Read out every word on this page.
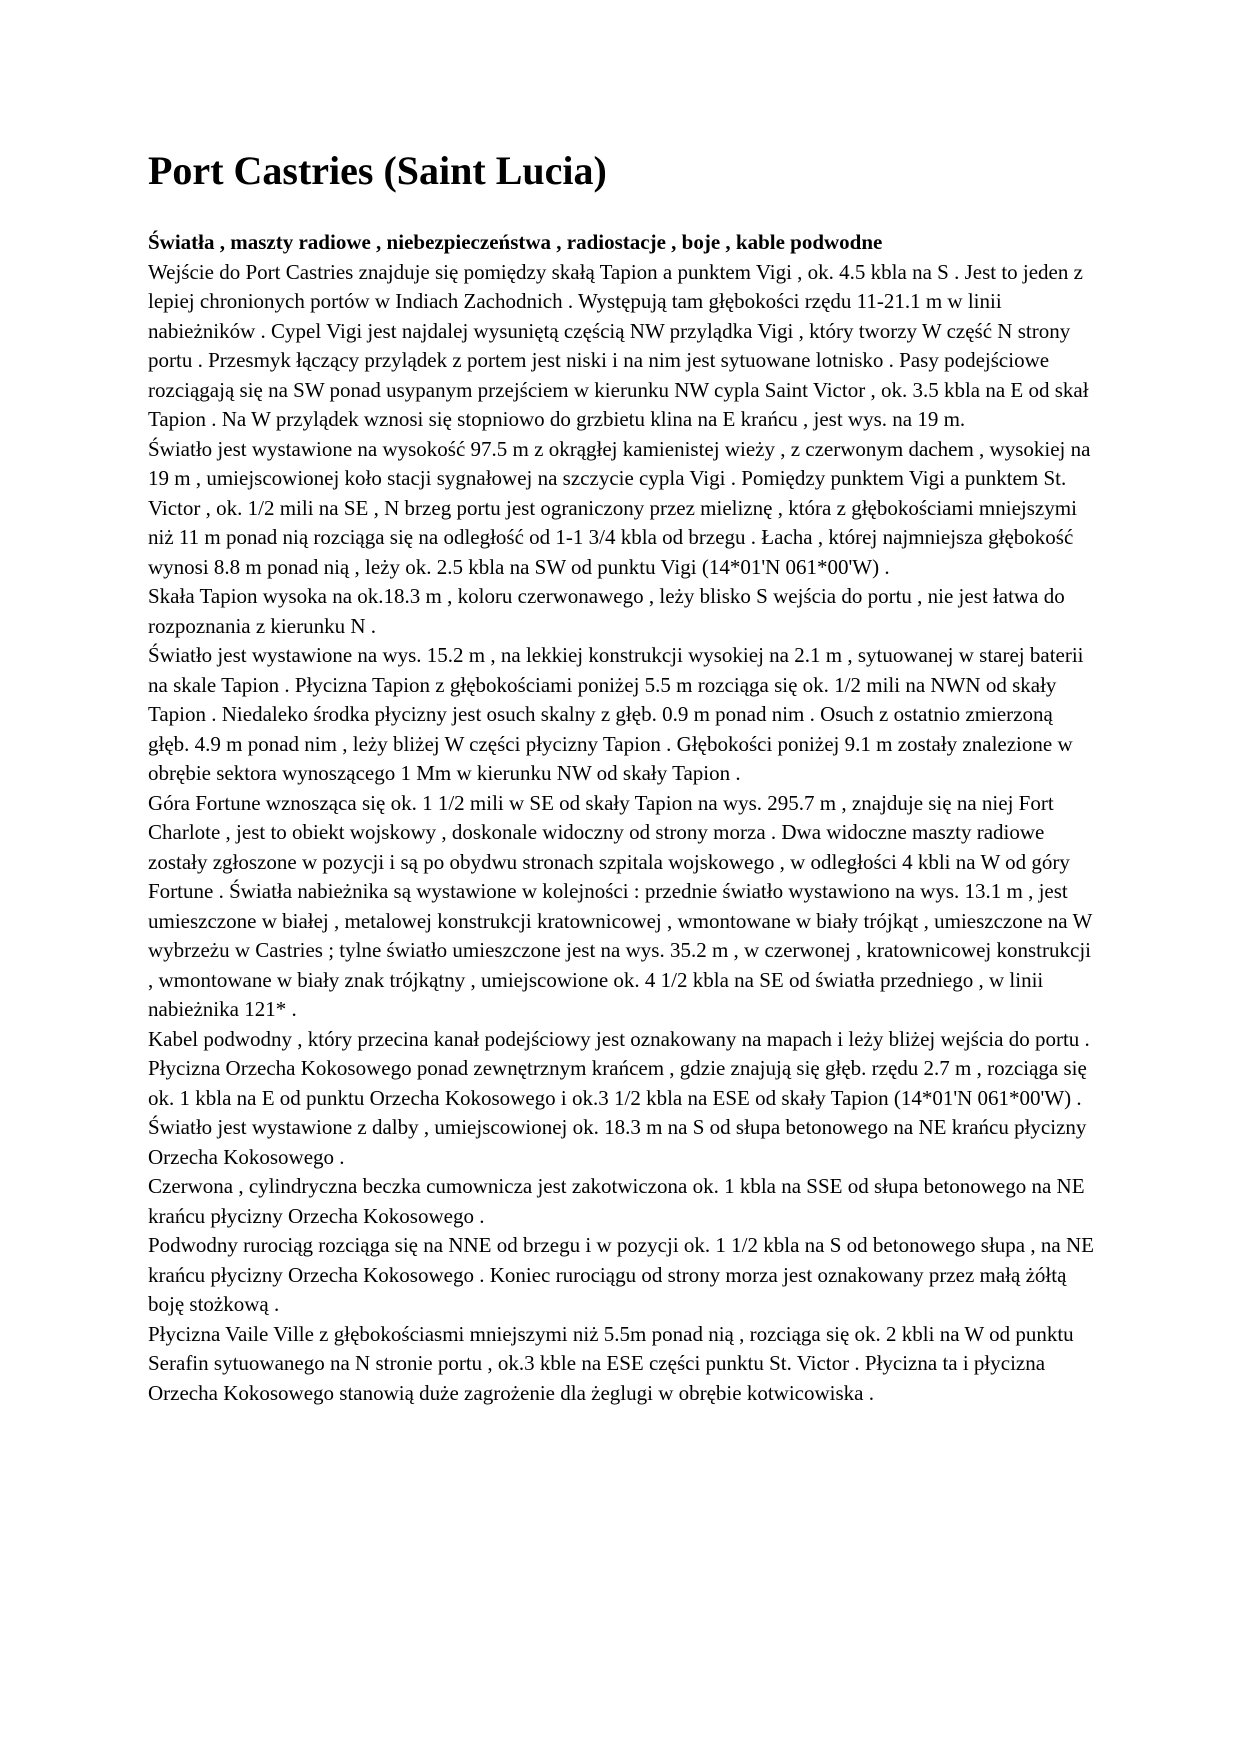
Port Castries (Saint Lucia)

Światła , maszty radiowe , niebezpieczeństwa , radiostacje , boje , kable podwodne

Wejście do Port Castries znajduje się pomiędzy skałą Tapion a punktem Vigi , ok. 4.5 kbla na S . Jest to jeden z lepiej chronionych portów w Indiach Zachodnich . Występują tam głębokości rzędu 11-21.1 m w linii nabieżników . Cypel Vigi jest najdalej wysuniętą częścią NW przylądka Vigi , który tworzy W część N strony portu . Przesmyk łączący przylądek z portem jest niski i na nim jest sytuowane lotnisko . Pasy podejściowe rozciągają się na SW ponad usypanym przejściem w kierunku NW cypla Saint Victor , ok. 3.5 kbla na E od skał Tapion . Na W przylądek wznosi się stopniowo do grzbietu klina na E krańcu , jest wys. na 19 m.

Światło jest wystawione na wysokość 97.5 m z okrągłej kamienistej wieży , z czerwonym dachem , wysokiej na 19 m , umiejscowionej koło stacji sygnałowej na szczycie cypla Vigi . Pomiędzy punktem Vigi a punktem St. Victor , ok. 1/2 mili na SE , N brzeg portu jest ograniczony przez mieliznę , która z głębokościami mniejszymi niż 11 m ponad nią rozciąga się na odległość od 1-1 3/4 kbla od brzegu . Łacha , której najmniejsza głębokość wynosi 8.8 m ponad nią , leży ok. 2.5 kbla na SW od punktu Vigi (14*01'N 061*00'W) .

Skała Tapion wysoka na ok.18.3 m , koloru czerwonawego , leży blisko S wejścia do portu , nie jest łatwa do rozpoznania z kierunku N .

Światło jest wystawione na wys. 15.2 m , na lekkiej konstrukcji wysokiej na 2.1 m , sytuowanej w starej baterii na skale Tapion . Płycizna Tapion z głębokościami poniżej 5.5 m rozciąga się ok. 1/2 mili na NWN od skały Tapion . Niedaleko środka płycizny jest osuch skalny z głęb. 0.9 m ponad nim . Osuch z ostatnio zmierzoną głęb. 4.9 m ponad nim , leży bliżej W części płycizny Tapion . Głębokości poniżej 9.1 m zostały znalezione w obrębie sektora wynoszącego 1 Mm w kierunku NW od skały Tapion .

Góra Fortune wznosząca się ok. 1 1/2 mili w SE od skały Tapion na wys. 295.7 m , znajduje się na niej Fort Charlote , jest to obiekt wojskowy , doskonale widoczny od strony morza . Dwa widoczne maszty radiowe zostały zgłoszone w pozycji i są po obydwu stronach szpitala wojskowego , w odległości 4 kbli na W od góry Fortune . Światła nabieżnika są wystawione w kolejności : przednie światło wystawiono na wys. 13.1 m , jest umieszczone w białej , metalowej konstrukcji kratownicowej , wmontowane w biały trójkąt , umieszczone na W wybrzeżu w Castries ; tylne światło umieszczone jest na wys. 35.2 m , w czerwonej , kratownicowej konstrukcji , wmontowane w biały znak trójkątny , umiejscowione ok. 4 1/2 kbla na SE od światła przedniego , w linii nabieżnika 121* .

Kabel podwodny , który przecina kanał podejściowy jest oznakowany na mapach i leży bliżej wejścia do portu . Płycizna Orzecha Kokosowego ponad zewnętrznym krańcem , gdzie znajują się głęb. rzędu 2.7 m , rozciąga się ok. 1 kbla na E od punktu Orzecha Kokosowego i ok.3 1/2 kbla na ESE od skały Tapion (14*01'N 061*00'W) . Światło jest wystawione z dalby , umiejscowionej ok. 18.3 m na S od słupa betonowego na NE krańcu płycizny Orzecha Kokosowego .

Czerwona , cylindryczna beczka cumownicza jest zakotwiczona ok. 1 kbla na SSE od słupa betonowego na NE krańcu płycizny Orzecha Kokosowego .

Podwodny rurociąg rozciąga się na NNE od brzegu i w pozycji ok. 1 1/2 kbla na S od betonowego słupa , na NE krańcu płycizny Orzecha Kokosowego . Koniec rurociągu od strony morza jest oznakowany przez małą żółtą boję stożkową .

Płycizna Vaile Ville z głębokościasmi mniejszymi niż 5.5m ponad nią , rozciąga się ok. 2 kbli na W od punktu Serafin sytuowanego na N stronie portu , ok.3 kble na ESE części punktu St. Victor . Płycizna ta i płycizna Orzecha Kokosowego stanowią duże zagrożenie dla żeglugi w obrębie kotwicowiska .
